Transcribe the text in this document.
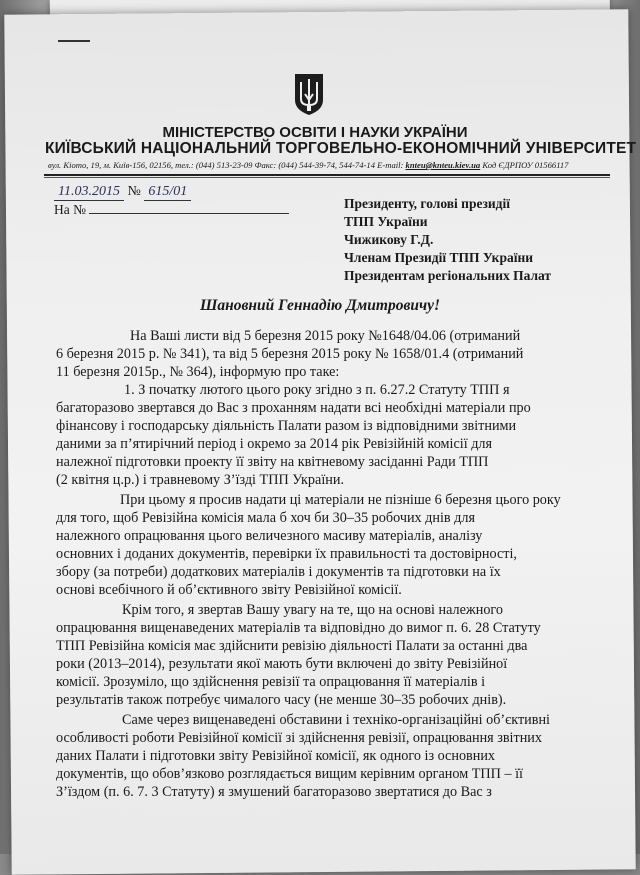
МІНІСТЕРСТВО ОСВІТИ І НАУКИ УКРАЇНИ
КИЇВСЬКИЙ НАЦІОНАЛЬНИЙ ТОРГОВЕЛЬНО-ЕКОНОМІЧНИЙ УНІВЕРСИТЕТ
вул. Кіото, 19, м. Київ-156, 02156, тел.: (044) 513-23-09 Факс: (044) 544-39-74, 544-74-14 E-mail: knteu@knteu.kiev.ua Код ЄДРПОУ 01566117
11.03.2015 № 615/01
На №	Президенту, голові президії
ТПП України
Чижикову Г.Д.
Членам Президії ТПП України
Президентам регіональних Палат
Шановний Геннадію Дмитровичу!
На Ваші листи від 5 березня 2015 року №1648/04.06 (отриманий
6 березня 2015 р. № 341), та від 5 березня 2015 року № 1658/01.4 (отриманий
11 березня 2015р., № 364), інформую про таке:
1. З початку лютого цього року згідно з п. 6.27.2 Статуту ТПП я
багаторазово звертався до Вас з проханням надати всі необхідні матеріали про
фінансову і господарську діяльність Палати разом із відповідними звітними
даними за п’ятирічний період і окремо за 2014 рік Ревізійній комісії для
належної підготовки проекту її звіту на квітневому засіданні Ради ТПП
(2 квітня ц.р.) і травневому З’їзді ТПП України.
При цьому я просив надати ці матеріали не пізніше 6 березня цього року
для того, щоб Ревізійна комісія мала б хоч би 30–35 робочих днів для
належного опрацювання цього величезного масиву матеріалів, аналізу
основних і доданих документів, перевірки їх правильності та достовірності,
збору (за потреби) додаткових матеріалів і документів та підготовки на їх
основі всебічного й об’єктивного звіту Ревізійної комісії.
Крім того, я звертав Вашу увагу на те, що на основі належного
опрацювання вищенаведених матеріалів та відповідно до вимог п. 6. 28 Статуту
ТПП Ревізійна комісія має здійснити ревізію діяльності Палати за останні два
роки (2013–2014), результати якої мають бути включені до звіту Ревізійної
комісії. Зрозуміло, що здійснення ревізії та опрацювання її матеріалів і
результатів також потребує чималого часу (не менше 30–35 робочих днів).
Саме через вищенаведені обставини і техніко-організаційні об’єктивні
особливості роботи Ревізійної комісії зі здійснення ревізії, опрацювання звітних
даних Палати і підготовки звіту Ревізійної комісії, як одного із основних
документів, що обов’язково розглядається вищим керівним органом ТПП – її
З’їздом (п. 6. 7. 3 Статуту) я змушений багаторазово звертатися до Вас з
